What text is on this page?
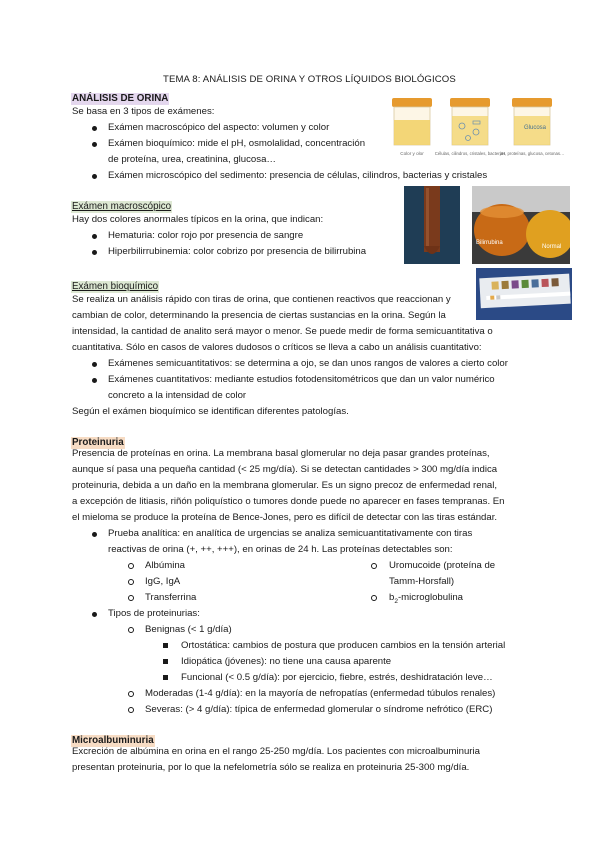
TEMA 8: ANÁLISIS DE ORINA Y OTROS LÍQUIDOS BIOLÓGICOS
ANÁLISIS DE ORINA
Se basa en 3 tipos de exámenes:
Exámen macroscópico del aspecto: volumen y color
Exámen bioquímico: mide el pH, osmolalidad, concentración
de proteína, urea, creatinina, glucosa…
Exámen microscópico del sedimento: presencia de células, cilindros, bacterias y cristales
Glucosa
Color y olor	Células, cilindros, cristales, bacterias
pH, proteínas, glucosa, cetonas…
Exámen macroscópico
Hay dos colores anormales típicos en la orina, que indican:
Hematuria: color rojo por presencia de sangre
Hiperbilirrubinemia: color cobrizo por presencia de bilirrubina
Bilirrubina
Normal
Exámen bioquímico
Se realiza un análisis rápido con tiras de orina, que contienen reactivos que reaccionan y
cambian de color, determinando la presencia de ciertas sustancias en la orina. Según la
intensidad, la cantidad de analito será mayor o menor. Se puede medir de forma semicuantitativa o
cuantitativa. Sólo en casos de valores dudosos o críticos se lleva a cabo un análisis cuantitativo:
Exámenes semicuantitativos: se determina a ojo, se dan unos rangos de valores a cierto color
Exámenes cuantitativos: mediante estudios fotodensitométricos que dan un valor numérico
concreto a la intensidad de color
Según el exámen bioquímico se identifican diferentes patologías.
Proteinuria
Presencia de proteínas en orina. La membrana basal glomerular no deja pasar grandes proteínas,
aunque sí pasa una pequeña cantidad (< 25 mg/día). Si se detectan cantidades > 300 mg/día indica
proteinuria, debida a un daño en la membrana glomerular. Es un signo precoz de enfermedad renal,
a excepción de litiasis, riñón poliquístico o tumores donde puede no aparecer en fases tempranas. En
el mieloma se produce la proteína de Bence-Jones, pero es difícil de detectar con las tiras estándar.
Prueba analítica: en analítica de urgencias se analiza semicuantitativamente con tiras
reactivas de orina (+, ++, +++), en orinas de 24 h. Las proteínas detectables son:
Albúmina
IgG, IgA
Transferrina
Uromucoide (proteína de
Tamm-Horsfall)
$b_2$-microglobulina
Tipos de proteinurias:
Benignas (< 1 g/día)
Ortostática: cambios de postura que producen cambios en la tensión arterial
Idiopática (jóvenes): no tiene una causa aparente
Funcional (< 0.5 g/día): por ejercicio, fiebre, estrés, deshidratación leve…
Moderadas (1-4 g/día): en la mayoría de nefropatías (enfermedad túbulos renales)
Severas: (> 4 g/día): típica de enfermedad glomerular o síndrome nefrótico (ERC)
Microalbuminuria
Excreción de albúmina en orina en el rango 25-250 mg/día. Los pacientes con microalbuminuria
presentan proteinuria, por lo que la nefelometría sólo se realiza en proteinuria 25-300 mg/día.
